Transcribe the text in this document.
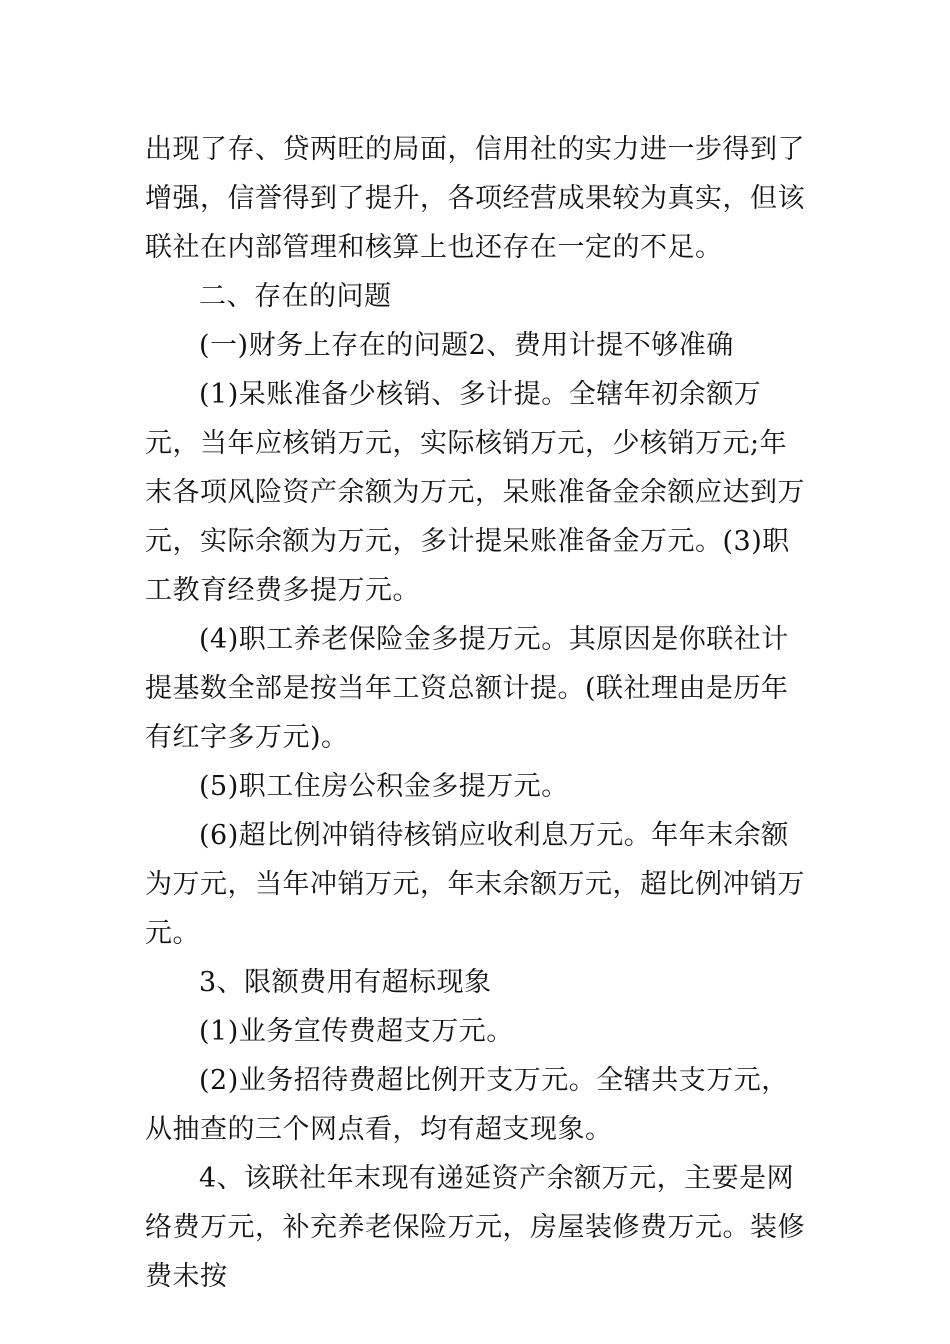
出现了存、贷两旺的局面，信用社的实力进一步得到了增强，信誉得到了提升，各项经营成果较为真实，但该联社在内部管理和核算上也还存在一定的不足。

二、存在的问题

(一)财务上存在的问题2、费用计提不够准确

(1)呆账准备少核销、多计提。全辖年初余额万元，当年应核销万元，实际核销万元，少核销万元;年末各项风险资产余额为万元，呆账准备金余额应达到万元，实际余额为万元，多计提呆账准备金万元。(3)职工教育经费多提万元。

(4)职工养老保险金多提万元。其原因是你联社计提基数全部是按当年工资总额计提。(联社理由是历年有红字多万元)。

(5)职工住房公积金多提万元。

(6)超比例冲销待核销应收利息万元。年年末余额为万元，当年冲销万元，年末余额万元，超比例冲销万元。

3、限额费用有超标现象

(1)业务宣传费超支万元。

(2)业务招待费超比例开支万元。全辖共支万元，从抽查的三个网点看，均有超支现象。

4、该联社年末现有递延资产余额万元，主要是网络费万元，补充养老保险万元，房屋装修费万元。装修费未按
